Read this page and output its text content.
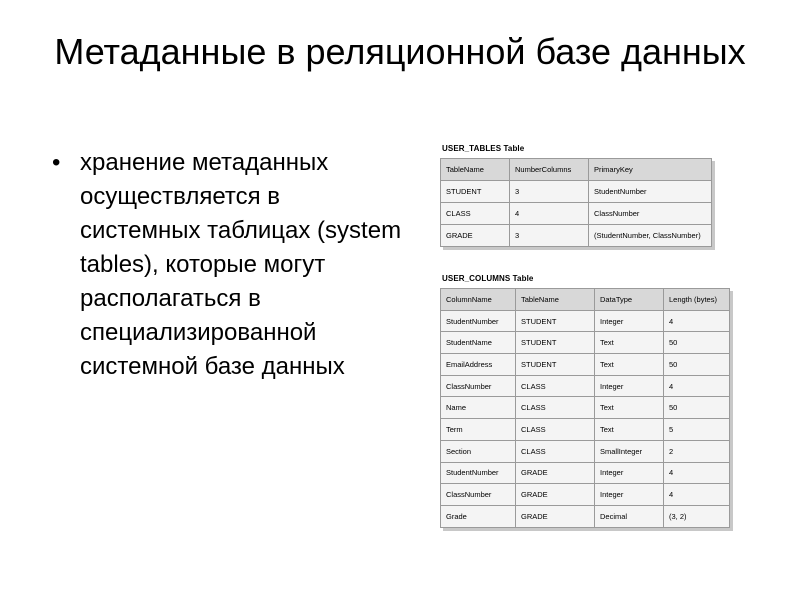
Метаданные в реляционной базе данных
• хранение метаданных осуществляется в системных таблицах (system tables), которые могут располагаться в специализированной системной базе данных
USER_TABLES Table
TableName	NumberColumns	PrimaryKey
STUDENT	3	StudentNumber
CLASS	4	ClassNumber
GRADE	3	(StudentNumber, ClassNumber)
USER_COLUMNS Table
ColumnName	TableName	DataType	Length (bytes)
StudentNumber	STUDENT	Integer	4
StudentName	STUDENT	Text	50
EmailAddress	STUDENT	Text	50
ClassNumber	CLASS	Integer	4
Name	CLASS	Text	50
Term	CLASS	Text	5
Section	CLASS	SmallInteger	2
StudentNumber	GRADE	Integer	4
ClassNumber	GRADE	Integer	4
Grade	GRADE	Decimal	(3, 2)
